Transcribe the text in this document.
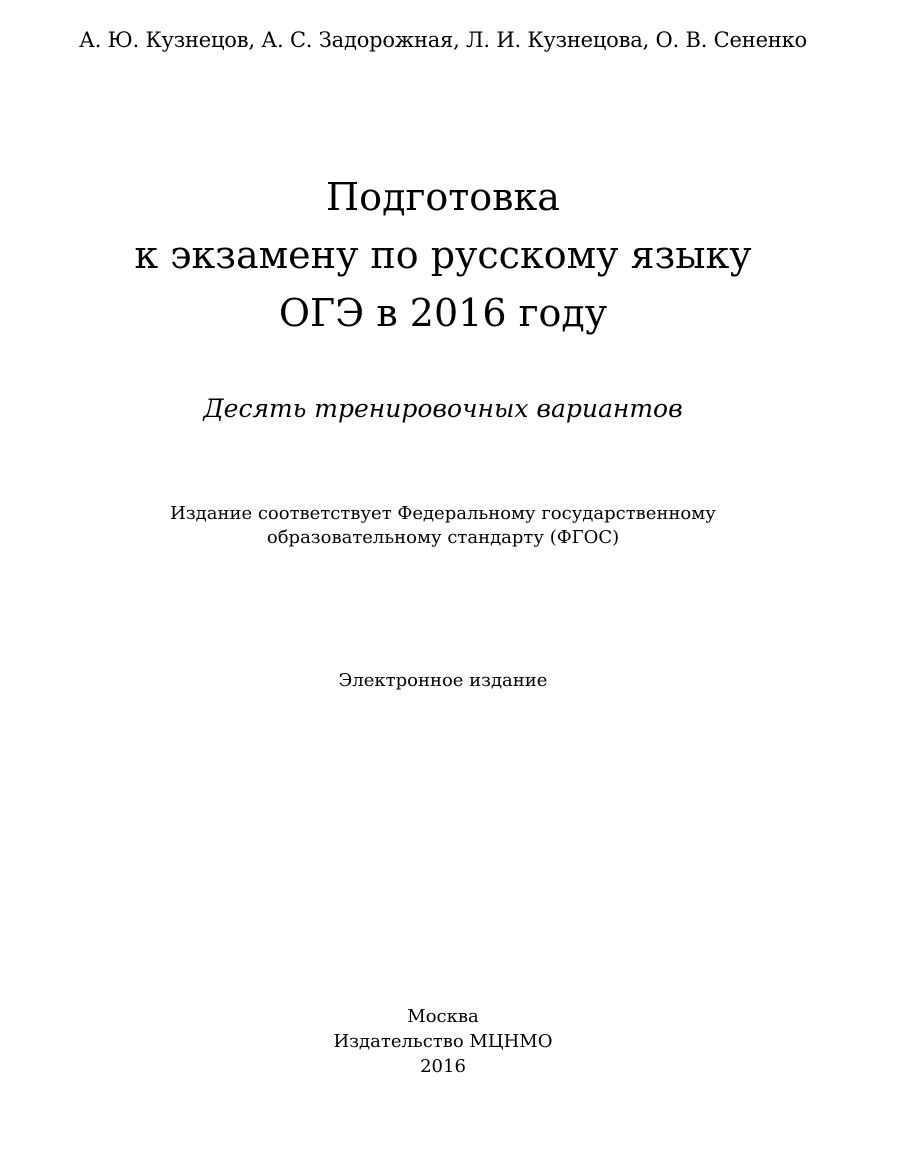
А. Ю. Кузнецов, А. С. Задорожная, Л. И. Кузнецова, О. В. Сененко
Подготовка
к экзамену по русскому языку
ОГЭ в 2016 году
Десять тренировочных вариантов
Издание соответствует Федеральному государственному
образовательному стандарту (ФГОС)
Электронное издание
Москва
Издательство МЦНМО
2016
